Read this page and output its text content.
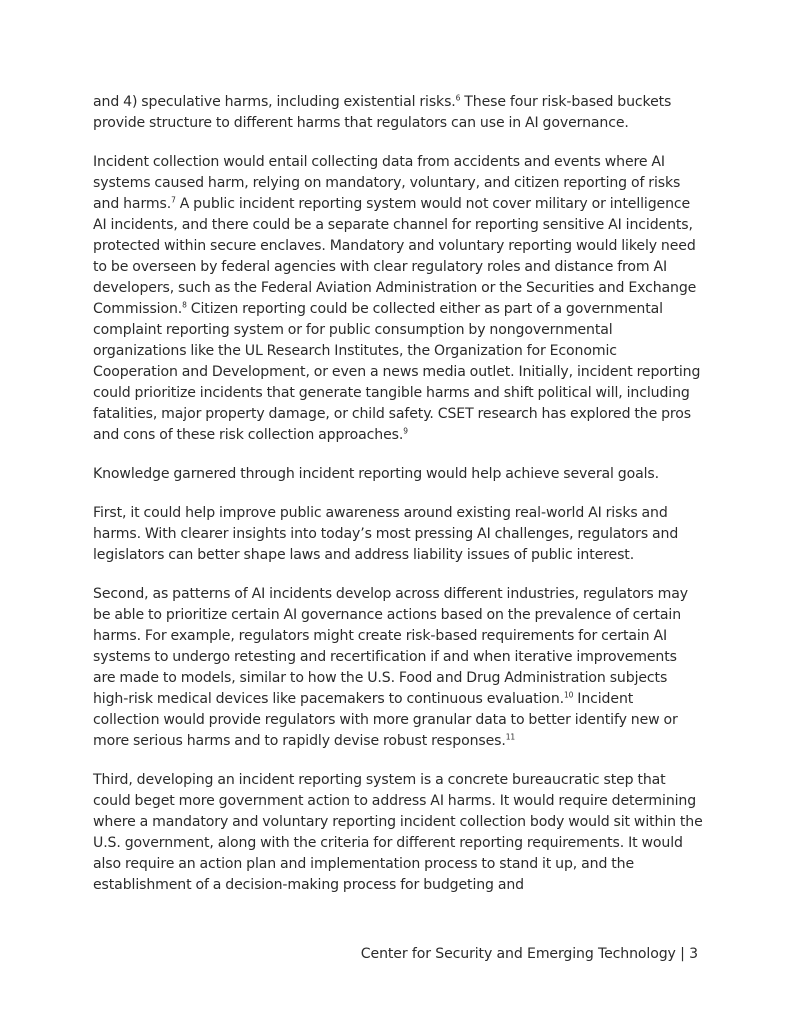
and 4) speculative harms, including existential risks.$^6$ These four risk-based buckets provide structure to different harms that regulators can use in AI governance.

Incident collection would entail collecting data from accidents and events where AI systems caused harm, relying on mandatory, voluntary, and citizen reporting of risks and harms.$^7$ A public incident reporting system would not cover military or intelligence AI incidents, and there could be a separate channel for reporting sensitive AI incidents, protected within secure enclaves. Mandatory and voluntary reporting would likely need to be overseen by federal agencies with clear regulatory roles and distance from AI developers, such as the Federal Aviation Administration or the Securities and Exchange Commission.$^8$ Citizen reporting could be collected either as part of a governmental complaint reporting system or for public consumption by nongovernmental organizations like the UL Research Institutes, the Organization for Economic Cooperation and Development, or even a news media outlet. Initially, incident reporting could prioritize incidents that generate tangible harms and shift political will, including fatalities, major property damage, or child safety. CSET research has explored the pros and cons of these risk collection approaches.$^9$

Knowledge garnered through incident reporting would help achieve several goals.

First, it could help improve public awareness around existing real-world AI risks and harms. With clearer insights into today’s most pressing AI challenges, regulators and legislators can better shape laws and address liability issues of public interest.

Second, as patterns of AI incidents develop across different industries, regulators may be able to prioritize certain AI governance actions based on the prevalence of certain harms. For example, regulators might create risk-based requirements for certain AI systems to undergo retesting and recertification if and when iterative improvements are made to models, similar to how the U.S. Food and Drug Administration subjects high-risk medical devices like pacemakers to continuous evaluation.$^{10}$ Incident collection would provide regulators with more granular data to better identify new or more serious harms and to rapidly devise robust responses.$^{11}$

Third, developing an incident reporting system is a concrete bureaucratic step that could beget more government action to address AI harms. It would require determining where a mandatory and voluntary reporting incident collection body would sit within the U.S. government, along with the criteria for different reporting requirements. It would also require an action plan and implementation process to stand it up, and the establishment of a decision-making process for budgeting and

Center for Security and Emerging Technology | 3
